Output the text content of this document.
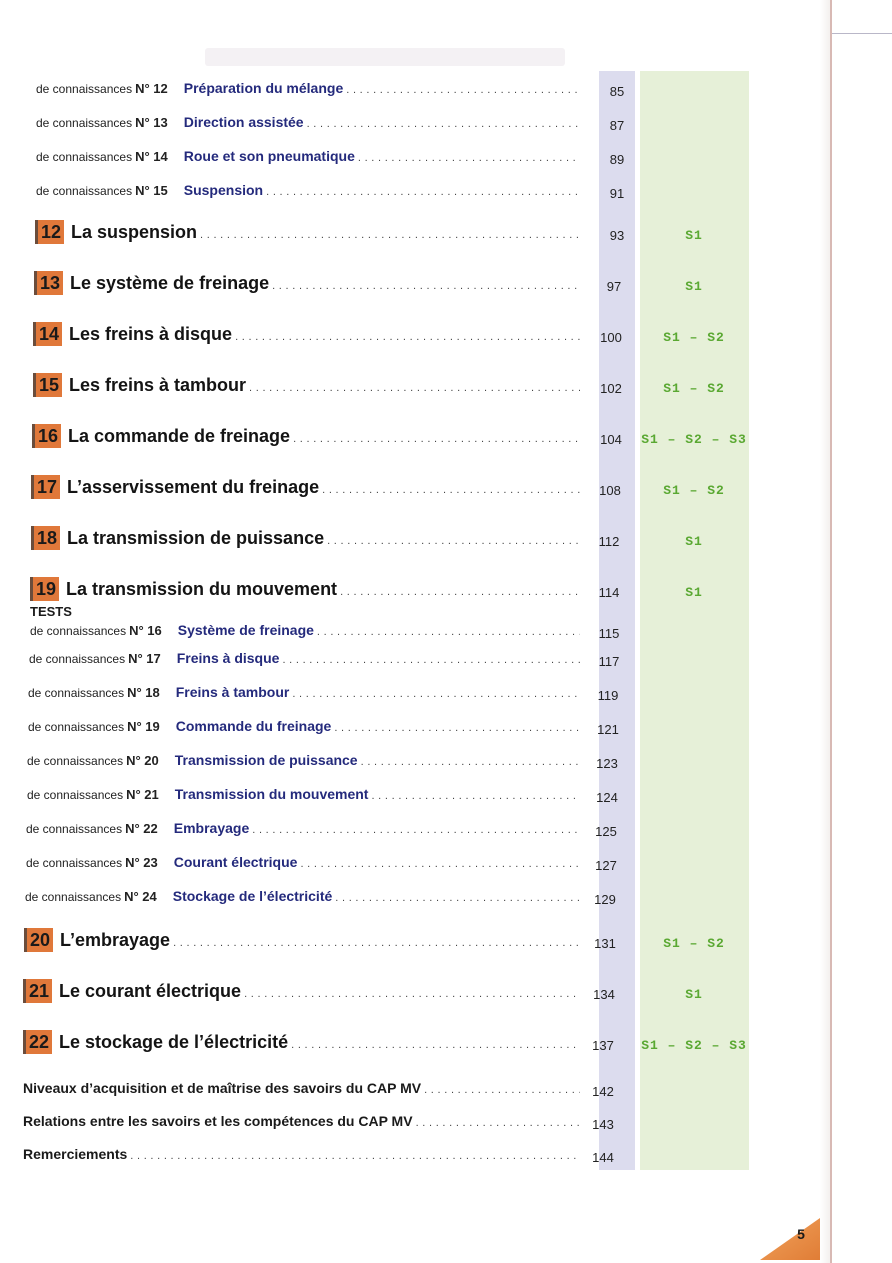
de connaissances N° 12 Préparation du mélange
. . .	85
de connaissances N° 13 Direction assistée
. . .	87
de connaissances N° 14 Roue et son pneumatique
. . .	89
de connaissances N° 15 Suspension
. . .	91
12 La suspension
. . .	93	S1
13 Le système de freinage
. . .	97	S1
14 Les freins à disque
. . .	100	S1 – S2
15 Les freins à tambour
. . .	102	S1 – S2
16 La commande de freinage
. . .	104	S1 – S2 – S3
17 L’asservissement du freinage
. . .	108	S1 – S2
18 La transmission de puissance
. . .	112	S1
19 La transmission du mouvement
. . .	114	S1
de connaissances N° 16 Système de freinage
. . .	115
de connaissances N° 17 Freins à disque
. . .	117
de connaissances N° 18 Freins à tambour
. . .	119
de connaissances N° 19 Commande du freinage
. . .	121
de connaissances N° 20 Transmission de puissance
. . .	123
de connaissances N° 21 Transmission du mouvement
. . .	124
de connaissances N° 22 Embrayage
. . .	125
de connaissances N° 23 Courant électrique
. . .	127
de connaissances N° 24 Stockage de l’électricité
. . .	129
20 L’embrayage
. . .	131	S1 – S2
21 Le courant électrique
. . .	134	S1
22 Le stockage de l’électricité
. . .	137	S1 – S2 – S3
Niveaux d’acquisition et de maîtrise des savoirs du CAP MV
. . .	142
Relations entre les savoirs et les compétences du CAP MV
. . .	143
Remerciements
. . .	144
TESTS
5
